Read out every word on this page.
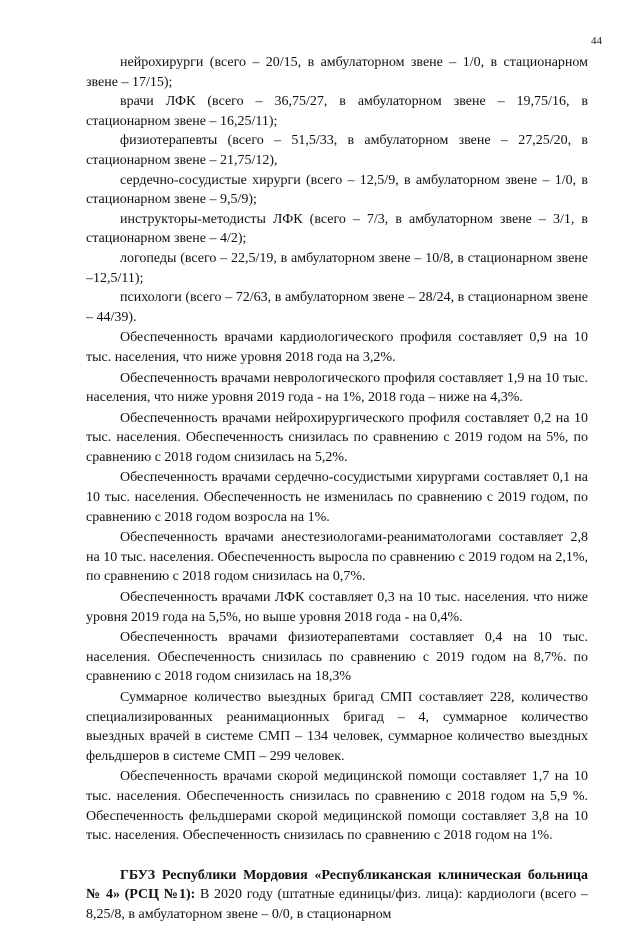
44

нейрохирурги (всего – 20/15, в амбулаторном звене – 1/0, в стационарном звене – 17/15);

врачи ЛФК (всего – 36,75/27, в амбулаторном звене – 19,75/16, в стационарном звене – 16,25/11);

физиотерапевты (всего – 51,5/33, в амбулаторном звене – 27,25/20, в стационарном звене – 21,75/12),

сердечно-сосудистые хирурги (всего – 12,5/9, в амбулаторном звене – 1/0, в стационарном звене – 9,5/9);

инструкторы-методисты ЛФК (всего – 7/3, в амбулаторном звене – 3/1, в стационарном звене – 4/2);

логопеды (всего – 22,5/19, в амбулаторном звене – 10/8, в стационарном звене –12,5/11);

психологи (всего – 72/63, в амбулаторном звене – 28/24, в стационарном звене – 44/39).

Обеспеченность врачами кардиологического профиля составляет 0,9 на 10 тыс. населения, что ниже уровня 2018 года на 3,2%.

Обеспеченность врачами неврологического профиля составляет 1,9 на 10 тыс. населения, что ниже уровня 2019 года - на 1%, 2018 года – ниже на 4,3%.

Обеспеченность врачами нейрохирургического профиля составляет 0,2 на 10 тыс. населения. Обеспеченность снизилась по сравнению с 2019 годом на 5%, по сравнению с 2018 годом снизилась на 5,2%.

Обеспеченность врачами сердечно-сосудистыми хирургами составляет 0,1 на 10 тыс. населения. Обеспеченность не изменилась по сравнению с 2019 годом, по сравнению с 2018 годом возросла на 1%.

Обеспеченность врачами анестезиологами-реаниматологами составляет 2,8 на 10 тыс. населения. Обеспеченность выросла по сравнению с 2019 годом на 2,1%, по сравнению с 2018 годом снизилась на 0,7%.

Обеспеченность врачами ЛФК составляет 0,3 на 10 тыс. населения. что ниже уровня 2019 года на 5,5%, но выше уровня 2018 года - на 0,4%.

Обеспеченность врачами физиотерапевтами составляет 0,4 на 10 тыс. населения. Обеспеченность снизилась по сравнению с 2019 годом на 8,7%. по сравнению с 2018 годом снизилась на 18,3%

Суммарное количество выездных бригад СМП составляет 228, количество специализированных реанимационных бригад – 4, суммарное количество выездных врачей в системе СМП – 134 человек, суммарное количество выездных фельдшеров в системе СМП – 299 человек.

Обеспеченность врачами скорой медицинской помощи составляет 1,7 на 10 тыс. населения. Обеспеченность снизилась по сравнению с 2018 годом на 5,9 %. Обеспеченность фельдшерами скорой медицинской помощи составляет 3,8 на 10 тыс. населения. Обеспеченность снизилась по сравнению с 2018 годом на 1%.

ГБУЗ Республики Мордовия «Республиканская клиническая больница № 4» (РСЦ №1): В 2020 году (штатные единицы/физ. лица): кардиологи (всего – 8,25/8, в амбулаторном звене – 0/0, в стационарном
